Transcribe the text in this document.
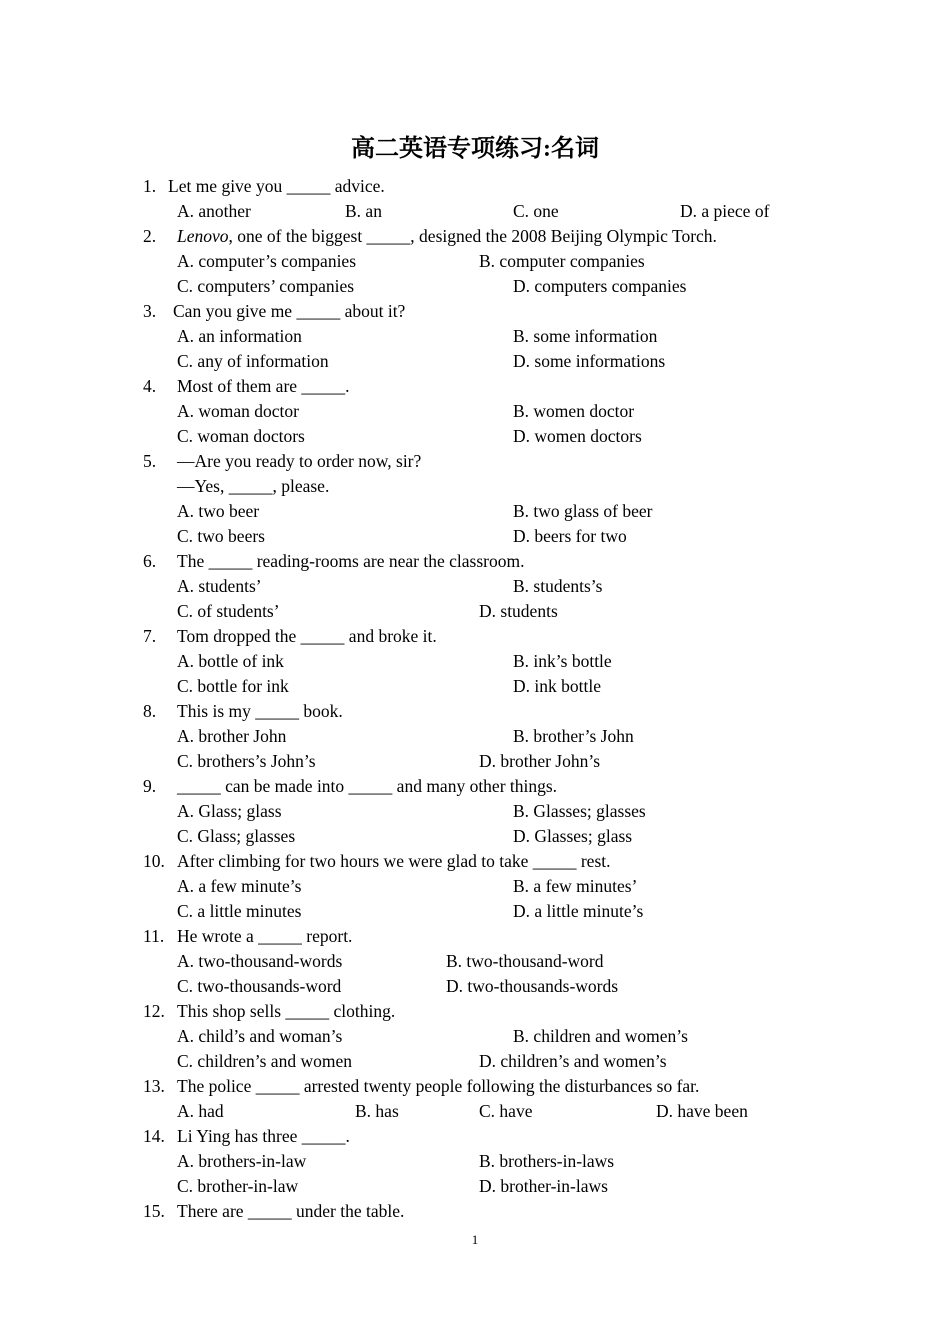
高二英语专项练习:名词
1. Let me give you _____ advice.
A. another	B. an	C. one	D. a piece of
2. Lenovo, one of the biggest _____, designed the 2008 Beijing Olympic Torch.
A. computer’s companies	B. computer companies
C. computers’ companies	D. computers companies
3. Can you give me _____ about it?
A. an information	B. some information
C. any of information	D. some informations
4. Most of them are _____.
A. woman doctor	B. women doctor
C. woman doctors	D. women doctors
5. —Are you ready to order now, sir?
—Yes, _____, please.
A. two beer	B. two glass of beer
C. two beers	D. beers for two
6. The _____ reading-rooms are near the classroom.
A. students’	B. students’s
C. of students’	D. students
7. Tom dropped the _____ and broke it.
A. bottle of ink	B. ink’s bottle
C. bottle for ink	D. ink bottle
8. This is my _____ book.
A. brother John	B. brother’s John
C. brothers’s John’s	D. brother John’s
9. _____ can be made into _____ and many other things.
A. Glass; glass	B. Glasses; glasses
C. Glass; glasses	D. Glasses; glass
10. After climbing for two hours we were glad to take _____ rest.
A. a few minute’s	B. a few minutes’
C. a little minutes	D. a little minute’s
11. He wrote a _____ report.
A. two-thousand-words	B. two-thousand-word
C. two-thousands-word	D. two-thousands-words
12. This shop sells _____ clothing.
A. child’s and woman’s	B. children and women’s
C. children’s and women	D. children’s and women’s
13. The police _____ arrested twenty people following the disturbances so far.
A. had	B. has	C. have	D. have been
14. Li Ying has three _____.
A. brothers-in-law	B. brothers-in-laws
C. brother-in-law	D. brother-in-laws
15. There are _____ under the table.
1
